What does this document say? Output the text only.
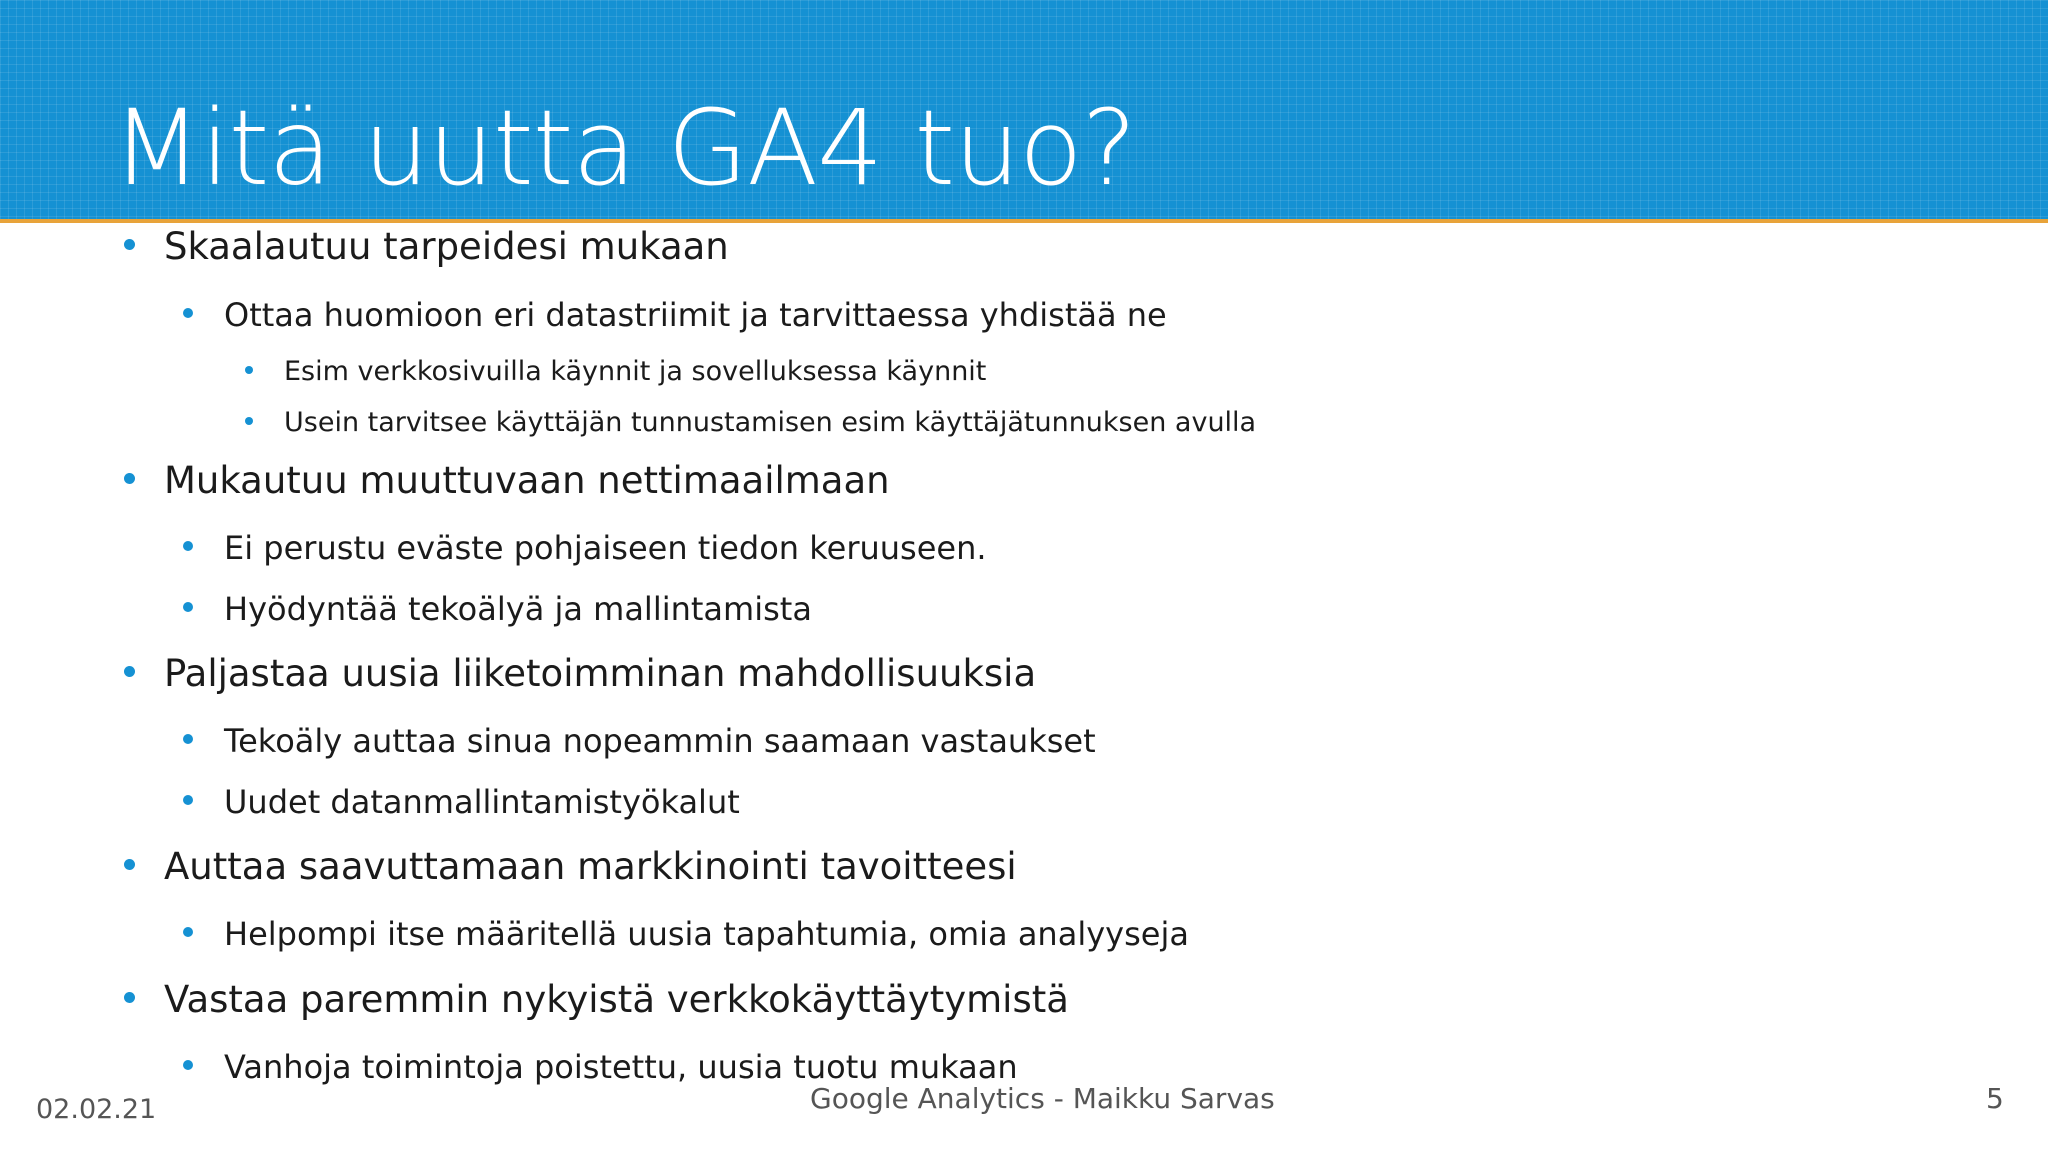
Mitä uutta GA4 tuo?
Skaalautuu tarpeidesi mukaan
Ottaa huomioon eri datastriimit ja tarvittaessa yhdistää ne
Esim verkkosivuilla käynnit ja sovelluksessa käynnit
Usein tarvitsee käyttäjän tunnustamisen esim käyttäjätunnuksen avulla
Mukautuu muuttuvaan nettimaailmaan
Ei perustu eväste pohjaiseen tiedon keruuseen.
Hyödyntää tekoälyä ja mallintamista
Paljastaa uusia liiketoimminan mahdollisuuksia
Tekoäly auttaa sinua nopeammin saamaan vastaukset
Uudet datanmallintamistyökalut
Auttaa saavuttamaan markkinointi tavoitteesi
Helpompi itse määritellä uusia tapahtumia, omia analyyseja
Vastaa paremmin nykyistä verkkokäyttäytymistä
Vanhoja toimintoja poistettu, uusia tuotu mukaan
02.02.21	Google Analytics - Maikku Sarvas	5
